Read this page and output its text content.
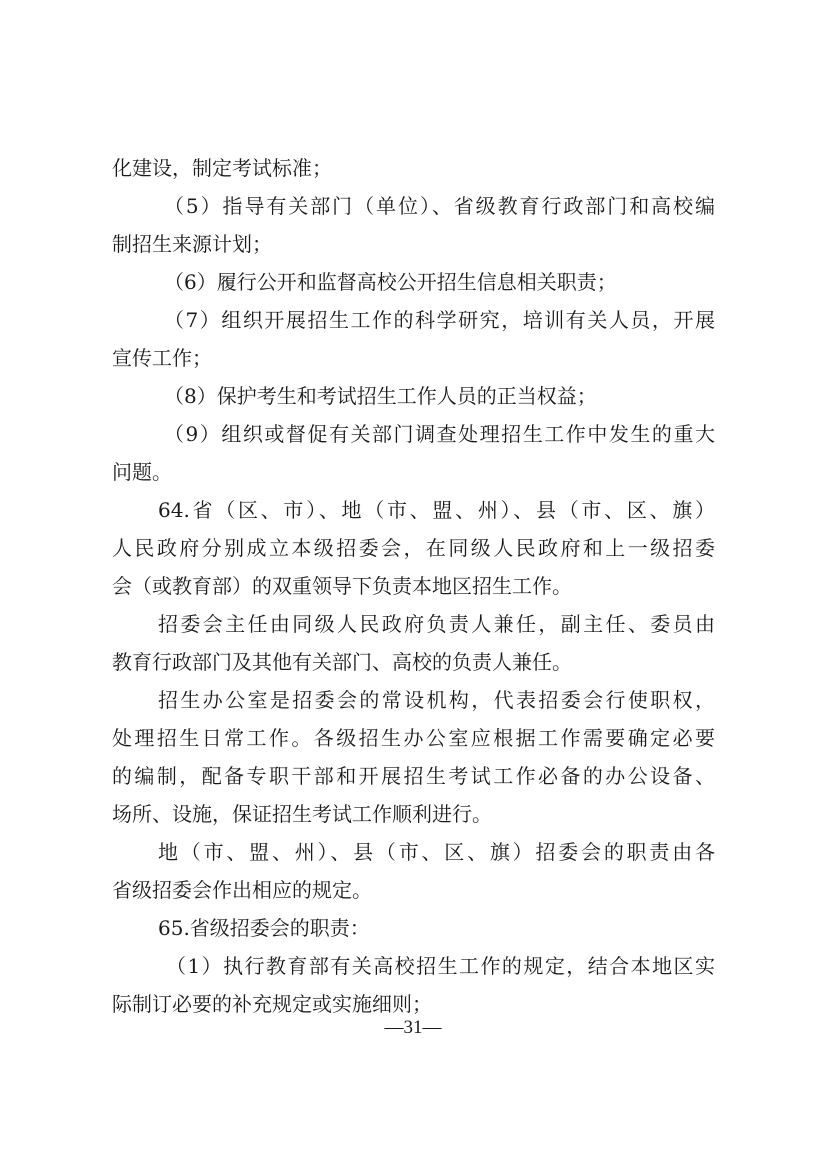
化建设，制定考试标准；
（5）指导有关部门（单位）、省级教育行政部门和高校编
制招生来源计划；
（6）履行公开和监督高校公开招生信息相关职责；
（7）组织开展招生工作的科学研究，培训有关人员，开展
宣传工作；
（8）保护考生和考试招生工作人员的正当权益；
（9）组织或督促有关部门调查处理招生工作中发生的重大
问题。
64.省（区、市）、地（市、盟、州）、县（市、区、旗）
人民政府分别成立本级招委会，在同级人民政府和上一级招委
会（或教育部）的双重领导下负责本地区招生工作。
招委会主任由同级人民政府负责人兼任，副主任、委员由
教育行政部门及其他有关部门、高校的负责人兼任。
招生办公室是招委会的常设机构，代表招委会行使职权，
处理招生日常工作。各级招生办公室应根据工作需要确定必要
的编制，配备专职干部和开展招生考试工作必备的办公设备、
场所、设施，保证招生考试工作顺利进行。
地（市、盟、州）、县（市、区、旗）招委会的职责由各
省级招委会作出相应的规定。
65.省级招委会的职责：
（1）执行教育部有关高校招生工作的规定，结合本地区实
际制订必要的补充规定或实施细则；
—31—
